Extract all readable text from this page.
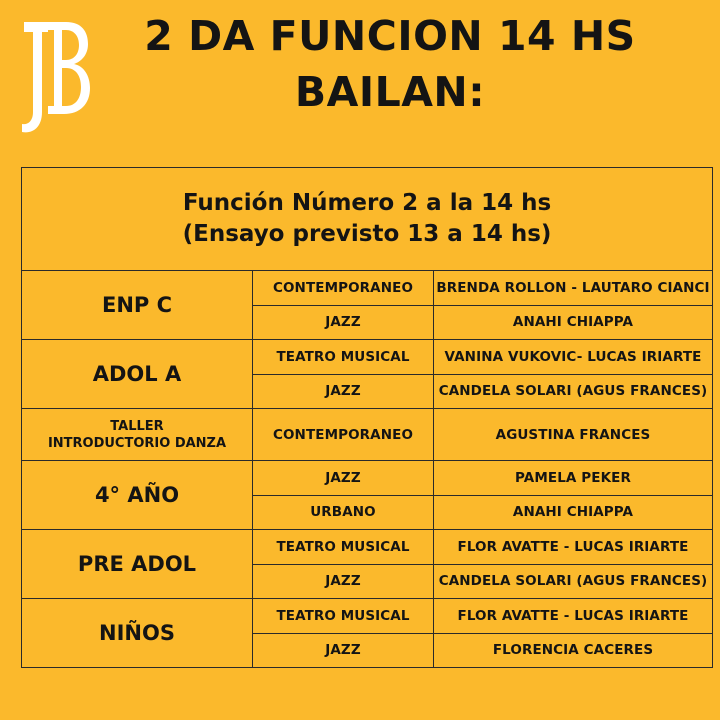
2 DA FUNCION 14 HS
BAILAN:
Función Número 2 a la 14 hs
(Ensayo previsto 13 a 14 hs)		

ENP C	CONTEMPORANEO	BRENDA ROLLON - LAUTARO CIANCI
	JAZZ	ANAHI CHIAPPA
ADOL A	TEATRO MUSICAL	VANINA VUKOVIC- LUCAS IRIARTE
	JAZZ	CANDELA SOLARI (AGUS FRANCES)

TALLER
INTRODUCTORIO DANZA	CONTEMPORANEO	AGUSTINA FRANCES
4° AÑO	JAZZ	PAMELA PEKER
	URBANO	ANAHI CHIAPPA
PRE ADOL	TEATRO MUSICAL	FLOR AVATTE - LUCAS IRIARTE
	JAZZ	CANDELA SOLARI (AGUS FRANCES)
NIÑOS	TEATRO MUSICAL	FLOR AVATTE - LUCAS IRIARTE
	JAZZ	FLORENCIA CACERES
